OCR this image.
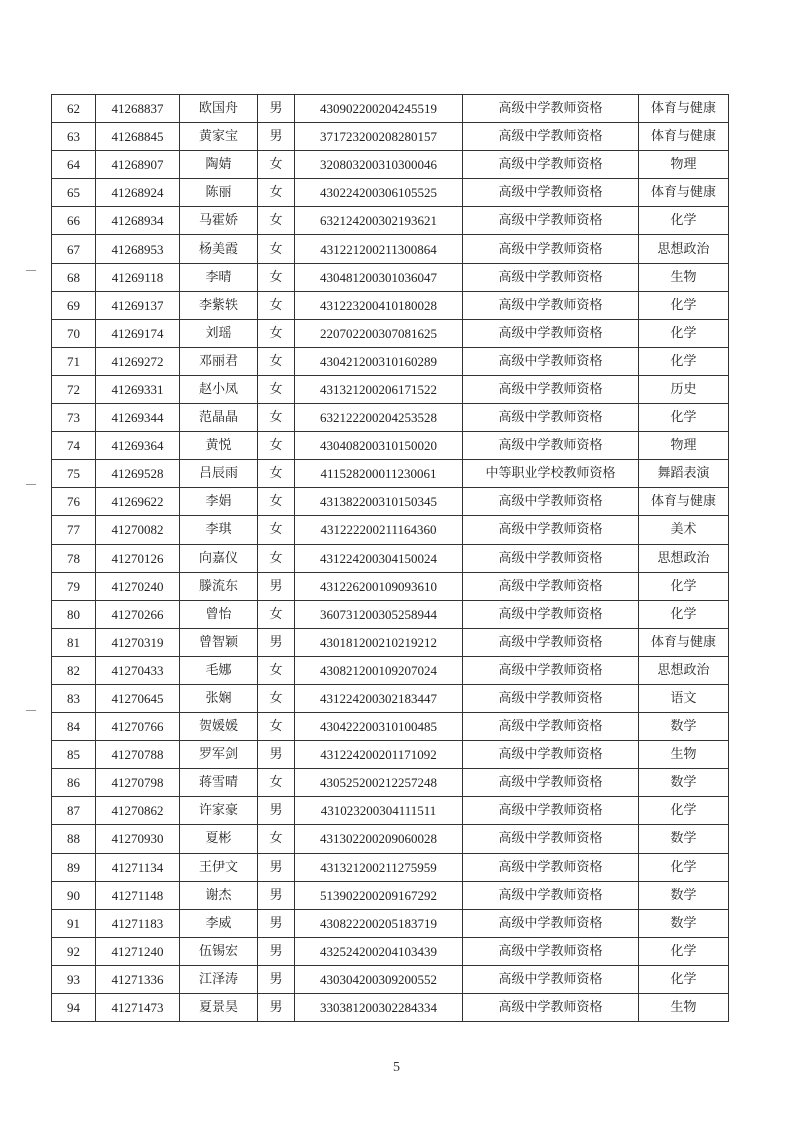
62	41268837	欧国舟	男	430902200204245519	高级中学教师资格	体育与健康
63	41268845	黄家宝	男	371723200208280157	高级中学教师资格	体育与健康
64	41268907	陶婧	女	320803200310300046	高级中学教师资格	物理
65	41268924	陈丽	女	430224200306105525	高级中学教师资格	体育与健康
66	41268934	马霍娇	女	632124200302193621	高级中学教师资格	化学
67	41268953	杨美霞	女	431221200211300864	高级中学教师资格	思想政治
68	41269118	李晴	女	430481200301036047	高级中学教师资格	生物
69	41269137	李紫轶	女	431223200410180028	高级中学教师资格	化学
70	41269174	刘瑶	女	220702200307081625	高级中学教师资格	化学
71	41269272	邓丽君	女	430421200310160289	高级中学教师资格	化学
72	41269331	赵小凤	女	431321200206171522	高级中学教师资格	历史
73	41269344	范晶晶	女	632122200204253528	高级中学教师资格	化学
74	41269364	黄悦	女	430408200310150020	高级中学教师资格	物理
75	41269528	吕辰雨	女	411528200011230061	中等职业学校教师资格	舞蹈表演
76	41269622	李娟	女	431382200310150345	高级中学教师资格	体育与健康
77	41270082	李琪	女	431222200211164360	高级中学教师资格	美术
78	41270126	向嘉仪	女	431224200304150024	高级中学教师资格	思想政治
79	41270240	滕流东	男	431226200109093610	高级中学教师资格	化学
80	41270266	曾怡	女	360731200305258944	高级中学教师资格	化学
81	41270319	曾智颖	男	430181200210219212	高级中学教师资格	体育与健康
82	41270433	毛娜	女	430821200109207024	高级中学教师资格	思想政治
83	41270645	张娴	女	431224200302183447	高级中学教师资格	语文
84	41270766	贺媛媛	女	430422200310100485	高级中学教师资格	数学
85	41270788	罗军剑	男	431224200201171092	高级中学教师资格	生物
86	41270798	蒋雪晴	女	430525200212257248	高级中学教师资格	数学
87	41270862	许家豪	男	431023200304111511	高级中学教师资格	化学
88	41270930	夏彬	女	431302200209060028	高级中学教师资格	数学
89	41271134	王伊文	男	431321200211275959	高级中学教师资格	化学
90	41271148	谢杰	男	513902200209167292	高级中学教师资格	数学
91	41271183	李威	男	430822200205183719	高级中学教师资格	数学
92	41271240	伍锡宏	男	432524200204103439	高级中学教师资格	化学
93	41271336	江泽涛	男	430304200309200552	高级中学教师资格	化学
94	41271473	夏景昊	男	330381200302284334	高级中学教师资格	生物
5
